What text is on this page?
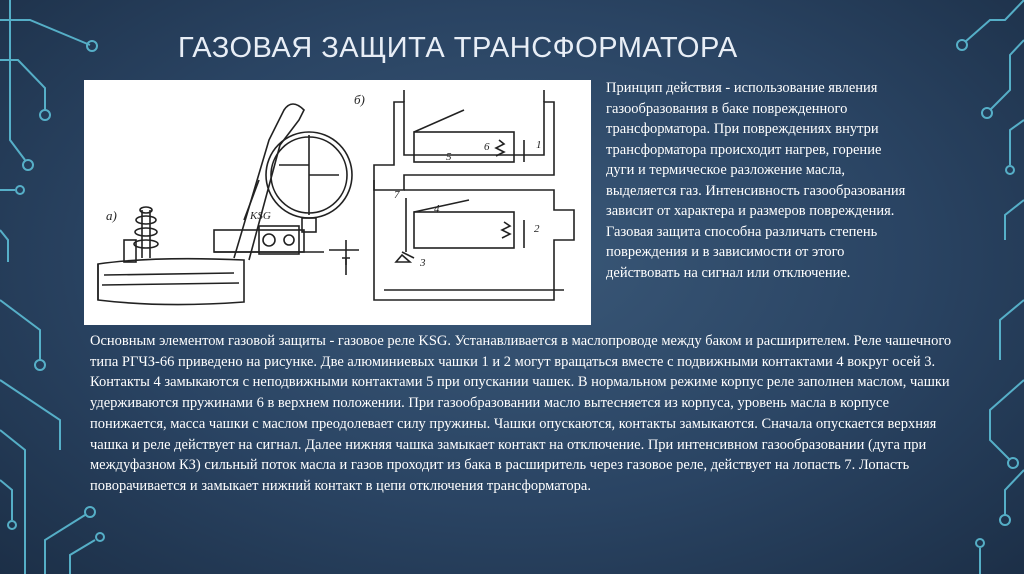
ГАЗОВАЯ ЗАЩИТА ТРАНСФОРМАТОРА
а)
б)
KSG
1
2
3
4
5
6
7

Принцип действия - использование явления газообразования в баке поврежденного трансформатора. При повреждениях внутри трансформатора происходит нагрев, горение дуги и термическое разложение масла, выделяется газ. Интенсивность газообразования зависит от характера и размеров повреждения. Газовая защита способна различать степень повреждения и в зависимости от этого действовать на сигнал или отключение.

Основным элементом газовой защиты - газовое реле KSG. Устанавливается в маслопроводе между баком и расширителем. Реле чашечного типа РГЧЗ-66 приведено на рисунке. Две алюминиевых чашки 1 и 2 могут вращаться вместе с подвижными контактами 4 вокруг осей 3. Контакты 4 замыкаются с неподвижными контактами 5 при опускании чашек. В нормальном режиме корпус реле заполнен маслом, чашки удерживаются пружинами 6 в верхнем положении. При газообразовании масло вытесняется из корпуса, уровень масла в корпусе понижается, масса чашки с маслом преодолевает силу пружины. Чашки опускаются, контакты замыкаются. Сначала опускается верхняя чашка и реле действует на сигнал. Далее нижняя чашка замыкает контакт на отключение. При интенсивном газообразовании (дуга при междуфазном КЗ) сильный поток масла и газов проходит из бака в расширитель через газовое реле, действует на лопасть 7. Лопасть поворачивается и замыкает нижний контакт в цепи отключения трансформатора.
